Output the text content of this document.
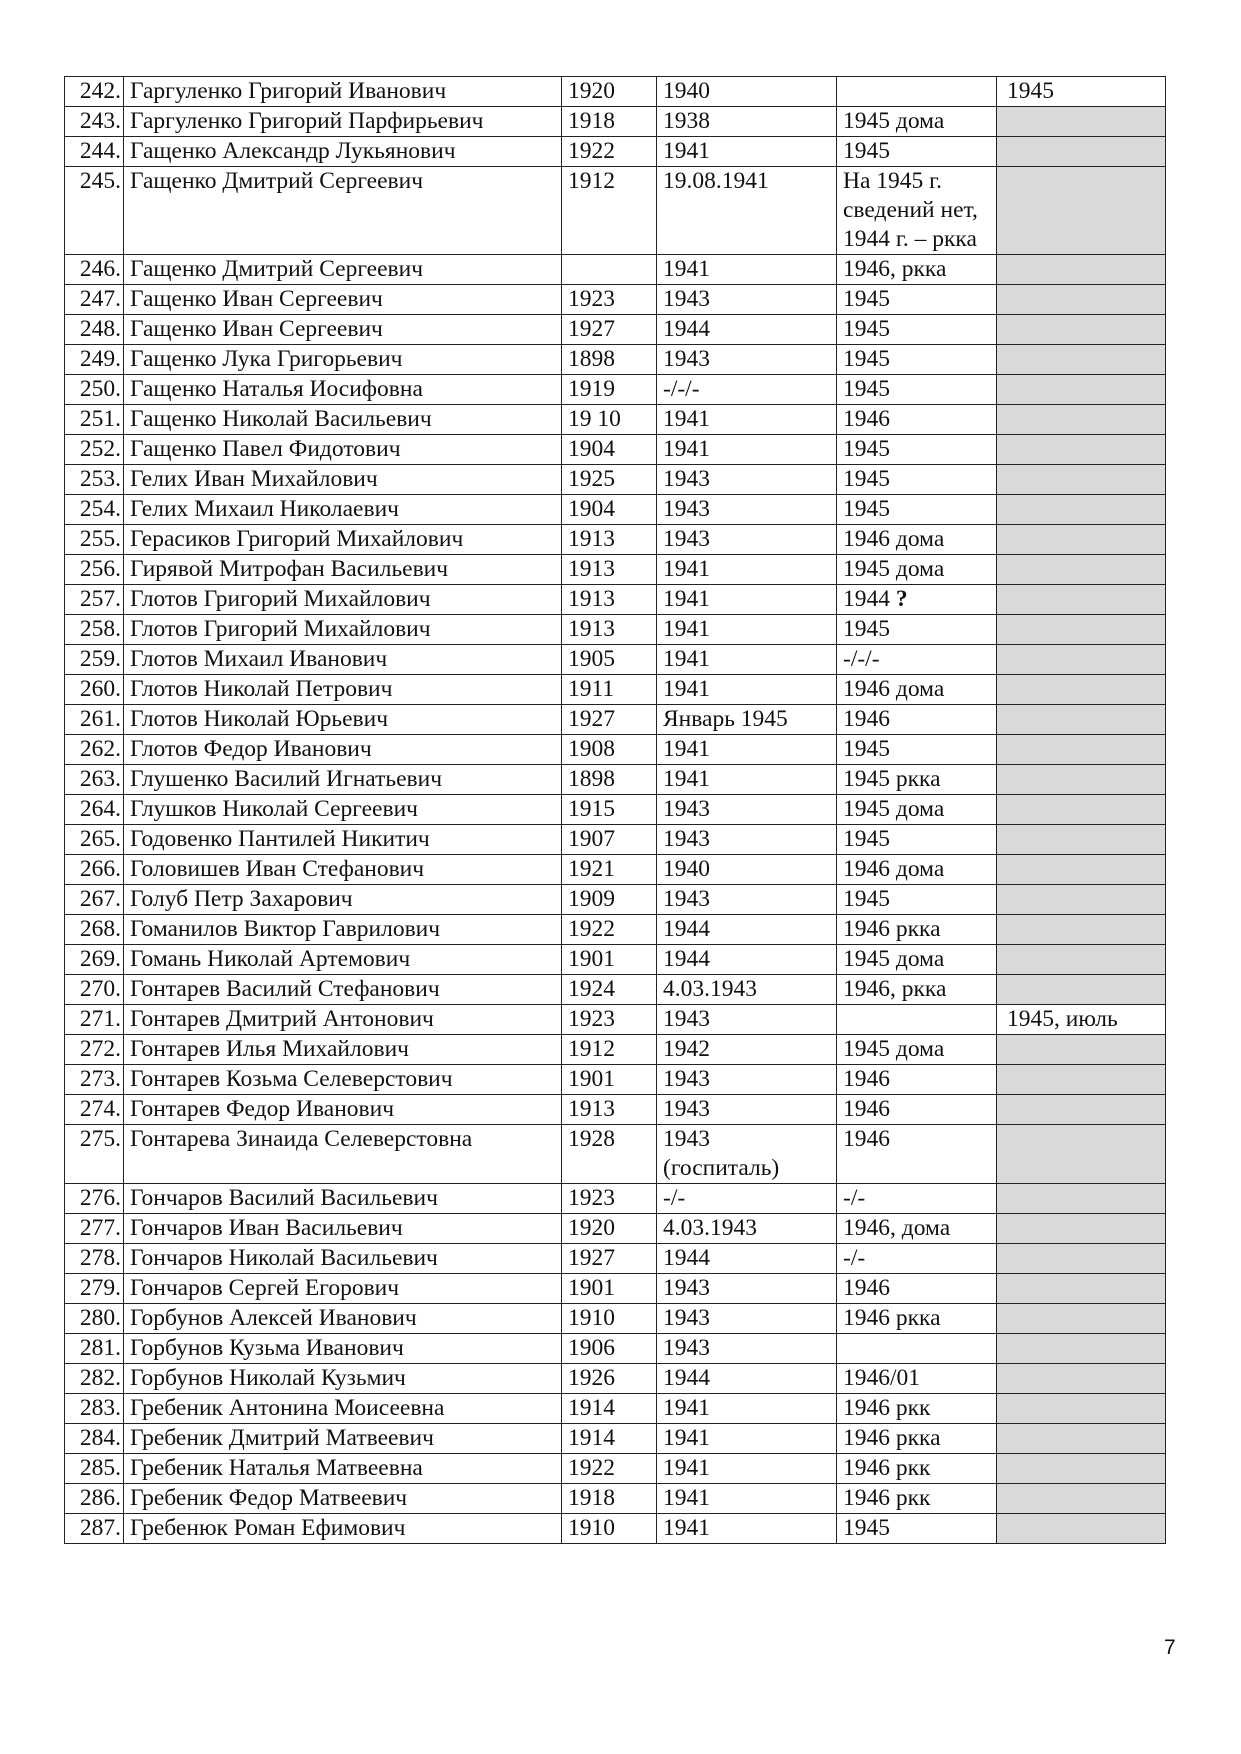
242.	Гаргуленко Григорий Иванович	1920	1940		1945
243.	Гаргуленко Григорий Парфирьевич	1918	1938	1945 дома	
244.	Гащенко Александр Лукьянович	1922	1941	1945	
245.	Гащенко Дмитрий Сергеевич	1912	19.08.1941	На 1945 г. сведений нет, 1944 г. – ркка	
246.	Гащенко Дмитрий Сергеевич		1941	1946, ркка	
247.	Гащенко Иван Сергеевич	1923	1943	1945	
248.	Гащенко Иван Сергеевич	1927	1944	1945	
249.	Гащенко Лука Григорьевич	1898	1943	1945	
250.	Гащенко Наталья Иосифовна	1919	-/-/-	1945	
251.	Гащенко Николай Васильевич	19 10	1941	1946	
252.	Гащенко Павел Фидотович	1904	1941	1945	
253.	Гелих Иван Михайлович	1925	1943	1945	
254.	Гелих Михаил Николаевич	1904	1943	1945	
255.	Герасиков Григорий Михайлович	1913	1943	1946 дома	
256.	Гирявой Митрофан Васильевич	1913	1941	1945 дома	
257.	Глотов Григорий Михайлович	1913	1941	1944 ?	
258.	Глотов Григорий Михайлович	1913	1941	1945	
259.	Глотов Михаил Иванович	1905	1941	-/-/-	
260.	Глотов Николай Петрович	1911	1941	1946 дома	
261.	Глотов Николай Юрьевич	1927	Январь 1945	1946	
262.	Глотов Федор Иванович	1908	1941	1945	
263.	Глушенко Василий Игнатьевич	1898	1941	1945 ркка	
264.	Глушков Николай Сергеевич	1915	1943	1945 дома	
265.	Годовенко Пантилей Никитич	1907	1943	1945	
266.	Головишев Иван Стефанович	1921	1940	1946 дома	
267.	Голуб Петр Захарович	1909	1943	1945	
268.	Гоманилов Виктор Гаврилович	1922	1944	1946 ркка	
269.	Гомань Николай Артемович	1901	1944	1945 дома	
270.	Гонтарев Василий Стефанович	1924	4.03.1943	1946, ркка	
271.	Гонтарев Дмитрий Антонович	1923	1943		1945, июль
272.	Гонтарев Илья Михайлович	1912	1942	1945 дома	
273.	Гонтарев Козьма Селеверстович	1901	1943	1946	
274.	Гонтарев Федор Иванович	1913	1943	1946	
275.	Гонтарева Зинаида Селеверстовна	1928	1943 (госпиталь)	1946	
276.	Гончаров Василий Васильевич	1923	-/-	-/-	
277.	Гончаров Иван Васильевич	1920	4.03.1943	1946, дома	
278.	Гончаров Николай Васильевич	1927	1944	-/-	
279.	Гончаров Сергей Егорович	1901	1943	1946	
280.	Горбунов Алексей Иванович	1910	1943	1946 ркка	
281.	Горбунов Кузьма Иванович	1906	1943		
282.	Горбунов Николай Кузьмич	1926	1944	1946/01	
283.	Гребеник Антонина Моисеевна	1914	1941	1946 ркк	
284.	Гребеник Дмитрий Матвеевич	1914	1941	1946 ркка	
285.	Гребеник Наталья Матвеевна	1922	1941	1946 ркк	
286.	Гребеник Федор Матвеевич	1918	1941	1946 ркк	
287.	Гребенюк Роман Ефимович	1910	1941	1945	
7
